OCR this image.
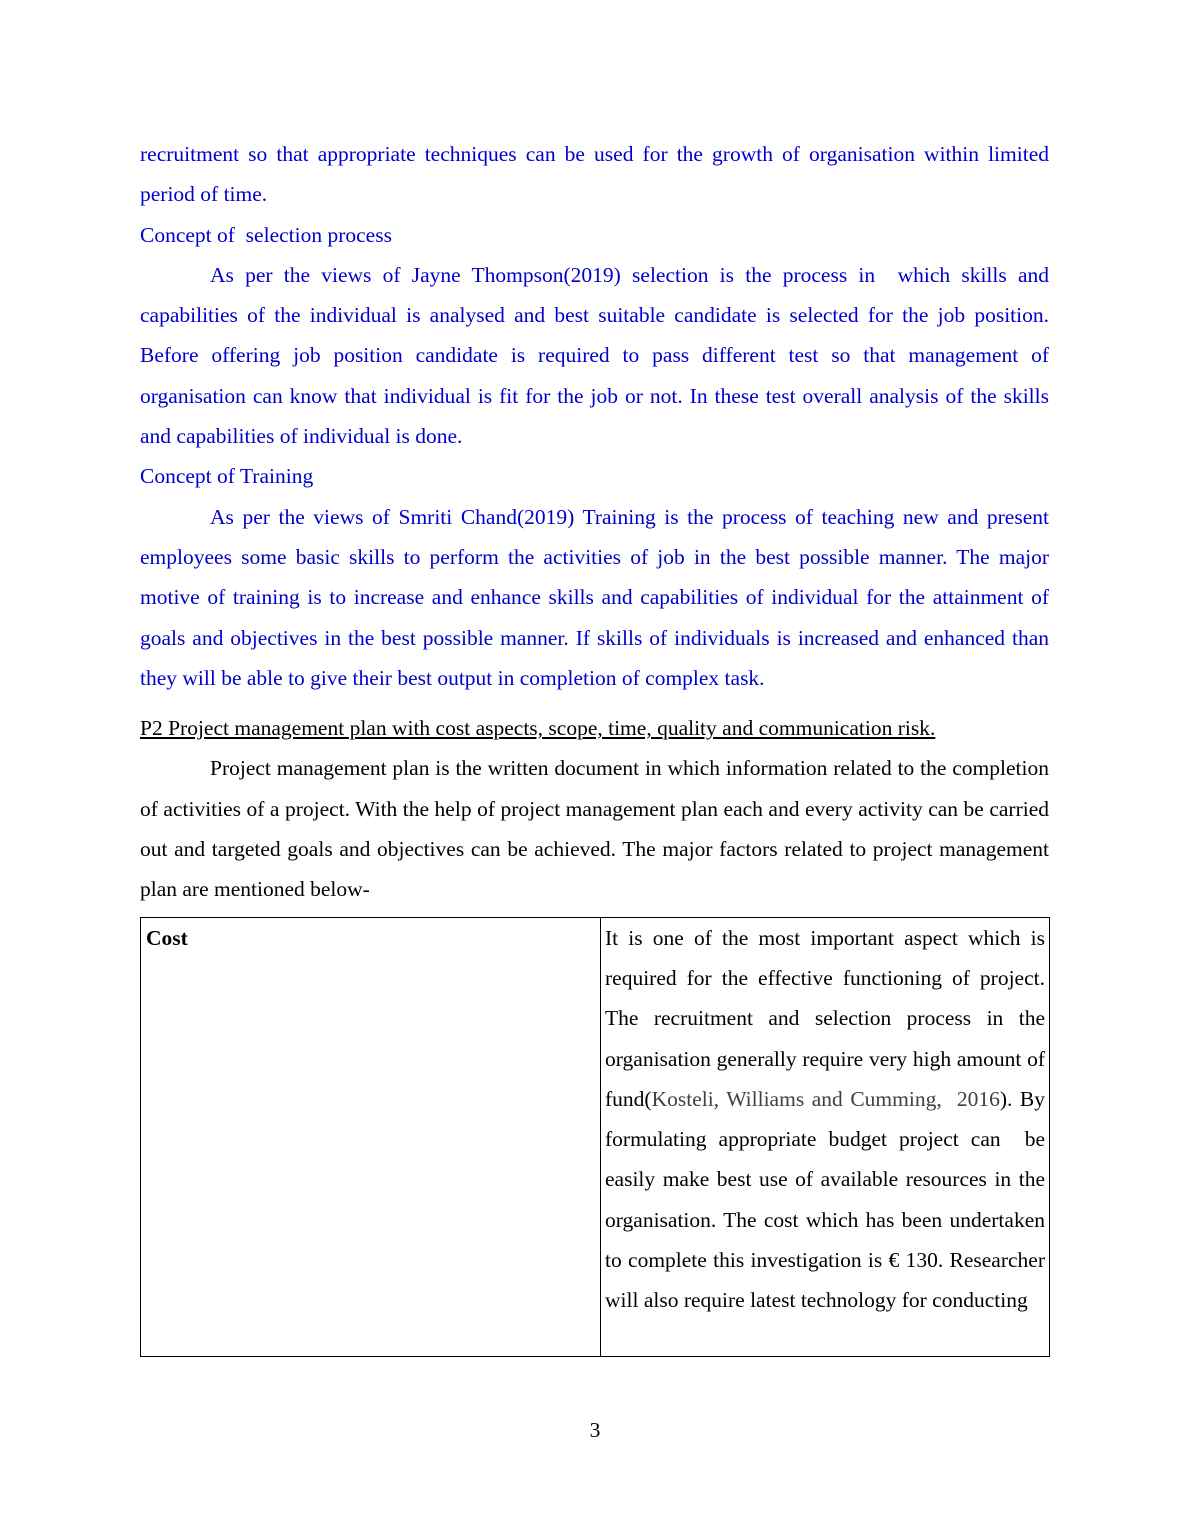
recruitment so that appropriate techniques can be used for the growth of organisation within limited period of time.

Concept of  selection process

As per the views of Jayne Thompson(2019) selection is the process in  which skills and capabilities of the individual is analysed and best suitable candidate is selected for the job position. Before offering job position candidate is required to pass different test so that management of organisation can know that individual is fit for the job or not. In these test overall analysis of the skills and capabilities of individual is done.

Concept of Training

As per the views of Smriti Chand(2019) Training is the process of teaching new and present employees some basic skills to perform the activities of job in the best possible manner. The major motive of training is to increase and enhance skills and capabilities of individual for the attainment of goals and objectives in the best possible manner. If skills of individuals is increased and enhanced than they will be able to give their best output in completion of complex task.

P2 Project management plan with cost aspects, scope, time, quality and communication risk.

Project management plan is the written document in which information related to the completion of activities of a project. With the help of project management plan each and every activity can be carried out and targeted goals and objectives can be achieved. The major factors related to project management plan are mentioned below-

Cost	It is one of the most important aspect which is required for the effective functioning of project. The recruitment and selection process in the organisation generally require very high amount of fund(Kosteli, Williams and Cumming,  2016). By formulating appropriate budget project can  be easily make best use of available resources in the organisation. The cost which has been undertaken to complete this investigation is € 130. Researcher will also require latest technology for conducting

3
